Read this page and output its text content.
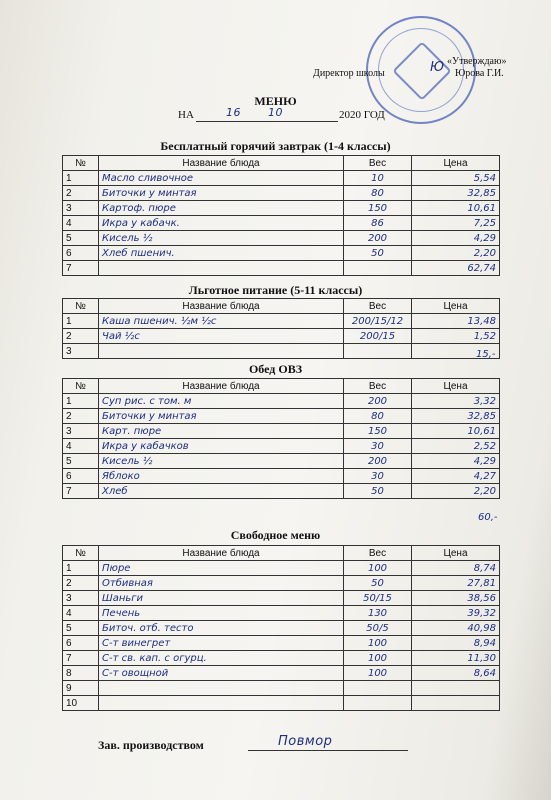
«Утверждаю»
Директор школы	Юрова Г.И.
Ю
МЕНЮ
НА	16 10	2020 ГОД
Бесплатный горячий завтрак (1-4 классы)
№	Название блюда	Вес	Цена
1	Масло сливочное	10	5,54
2	Биточки у минтая	80	32,85
3	Картоф. пюре	150	10,61
4	Икра у кабачк.	86	7,25
5	Кисель ½	200	4,29
6	Хлеб пшенич.	50	2,20
7			62,74
Льготное питание (5-11 классы)
№	Название блюда	Вес	Цена
1	Каша пшенич. ½м ½с	200/15/12	13,48
2	Чай ½с	200/15	1,52
3				15,-
Обед ОВЗ
№	Название блюда	Вес	Цена
1	Суп рис. с том. м	200	3,32
2	Биточки у минтая	80	32,85
3	Карт. пюре	150	10,61
4	Икра у кабачков	30	2,52
5	Кисель ½	200	4,29
6	Яблоко	30	4,27
7	Хлеб	50	2,20
60,-
Свободное меню
№	Название блюда	Вес	Цена
1	Пюре	100	8,74
2	Отбивная	50	27,81
3	Шаньги	50/15	38,56
4	Печень	130	39,32
5	Биточ. отб. тесто	50/5	40,98
6	С-т винегрет	100	8,94
7	С-т св. кап. с огурц.	100	11,30
8	С-т овощной	100	8,64
9			
10			
Зав. производством	Повмор
